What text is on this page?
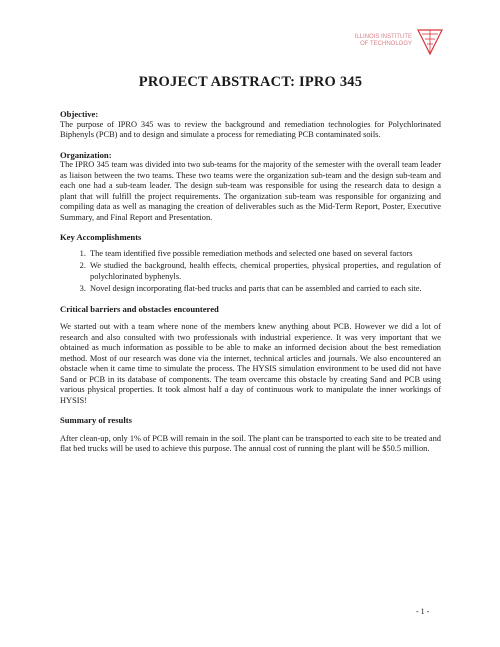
ILLINOIS INSTITUTE
OF TECHNOLOGY
PROJECT ABSTRACT: IPRO 345

Objective:

The purpose of IPRO 345 was to review the background and remediation technologies for Polychlorinated Biphenyls (PCB) and to design and simulate a process for remediating PCB contaminated soils.

Organization:

The IPRO 345 team was divided into two sub-teams for the majority of the semester with the overall team leader as liaison between the two teams. These two teams were the organization sub-team and the design sub-team and each one had a sub-team leader. The design sub-team was responsible for using the research data to design a plant that will fulfill the project requirements. The organization sub-team was responsible for organizing and compiling data as well as managing the creation of deliverables such as the Mid-Term Report, Poster, Executive Summary, and Final Report and Presentation.

Key Accomplishments

1. The team identified five possible remediation methods and selected one based on several factors
2. We studied the background, health effects, chemical properties, physical properties, and regulation of polychlorinated byphenyls.
3. Novel design incorporating flat-bed trucks and parts that can be assembled and carried to each site.

Critical barriers and obstacles encountered

We started out with a team where none of the members knew anything about PCB. However we did a lot of research and also consulted with two professionals with industrial experience. It was very important that we obtained as much information as possible to be able to make an informed decision about the best remediation method. Most of our research was done via the internet, technical articles and journals. We also encountered an obstacle when it came time to simulate the process. The HYSIS simulation environment to be used did not have Sand or PCB in its database of components. The team overcame this obstacle by creating Sand and PCB using various physical properties. It took almost half a day of continuous work to manipulate the inner workings of HYSIS!

Summary of results

After clean-up, only 1% of PCB will remain in the soil. The plant can be transported to each site to be treated and flat bed trucks will be used to achieve this purpose. The annual cost of running the plant will be $50.5 million.

- 1 -
